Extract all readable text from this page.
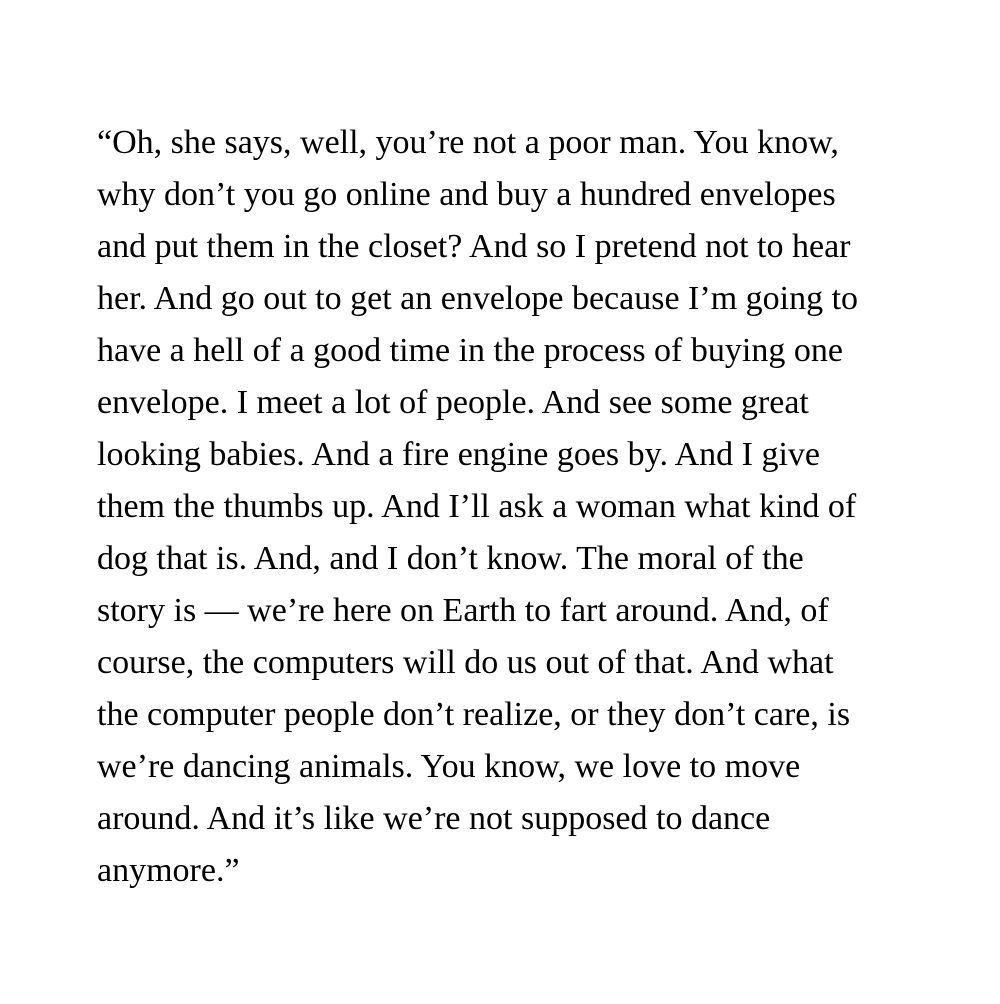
“Oh, she says, well, you’re not a poor man. You know,
why don’t you go online and buy a hundred envelopes
and put them in the closet? And so I pretend not to hear
her. And go out to get an envelope because I’m going to
have a hell of a good time in the process of buying one
envelope. I meet a lot of people. And see some great
looking babies. And a fire engine goes by. And I give
them the thumbs up. And I’ll ask a woman what kind of
dog that is. And, and I don’t know. The moral of the
story is — we’re here on Earth to fart around. And, of
course, the computers will do us out of that. And what
the computer people don’t realize, or they don’t care, is
we’re dancing animals. You know, we love to move
around. And it’s like we’re not supposed to dance
anymore.”
